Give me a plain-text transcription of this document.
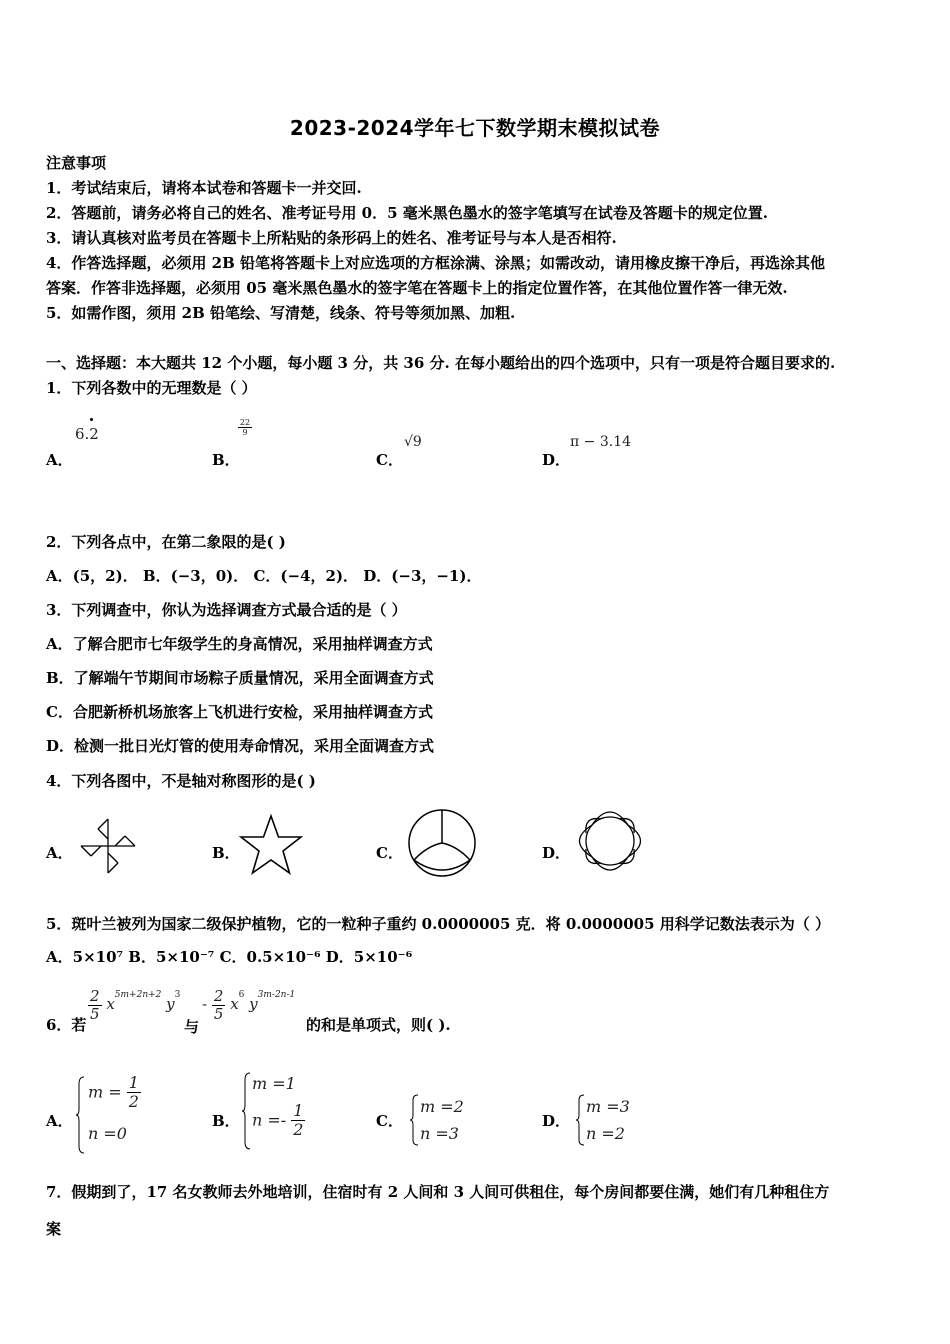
2023-2024学年七下数学期末模拟试卷
注意事项
1．考试结束后，请将本试卷和答题卡一并交回.
2．答题前，请务必将自己的姓名、准考证号用 0．5 毫米黑色墨水的签字笔填写在试卷及答题卡的规定位置.
3．请认真核对监考员在答题卡上所粘贴的条形码上的姓名、准考证号与本人是否相符.
4．作答选择题，必须用 2B 铅笔将答题卡上对应选项的方框涂满、涂黑；如需改动，请用橡皮擦干净后，再选涂其他
答案．作答非选择题，必须用 05 毫米黑色墨水的签字笔在答题卡上的指定位置作答，在其他位置作答一律无效.
5．如需作图，须用 2B 铅笔绘、写清楚，线条、符号等须加黑、加粗.
一、选择题：本大题共 12 个小题，每小题 3 分，共 36 分. 在每小题给出的四个选项中，只有一项是符合题目要求的.
1．下列各数中的无理数是（ ）
A．
6.2
B．
$\frac{22}{9}$
C．
√9
D．
π − 3.14
2．下列各点中，在第二象限的是( )
A．(5，2)． B．(−3，0)． C．(−4，2)． D．(−3，−1)．
3．下列调查中，你认为选择调查方式最合适的是（ ）
A．了解合肥市七年级学生的身高情况，采用抽样调查方式
B．了解端午节期间市场粽子质量情况，采用全面调查方式
C．合肥新桥机场旅客上飞机进行安检，采用抽样调查方式
D．检测一批日光灯管的使用寿命情况，采用全面调查方式
4．下列各图中，不是轴对称图形的是( )
A．	B．	C．	D．
5．斑叶兰被列为国家二级保护植物，它的一粒种子重约 0.0000005 克．将 0.0000005 用科学记数法表示为（ ）
A．5×10⁷ B．5×10⁻⁷ C．0.5×10⁻⁶ D．5×10⁻⁶
6．若
$\frac{2}{5} x^{5m+2n+2}$ $y^3$
与
- $\frac{2}{5} x^6$ $y^{3m-2n-1}$
的和是单项式，则( ).
A．
$m = \frac{1}{2}$
n =0
B．
m =1
$n =- \frac{1}{2}$	C．
m =2
n =3
D．
m =3
n =2
7．假期到了，17 名女教师去外地培训，住宿时有 2 人间和 3 人间可供租住，每个房间都要住满，她们有几种租住方
案
